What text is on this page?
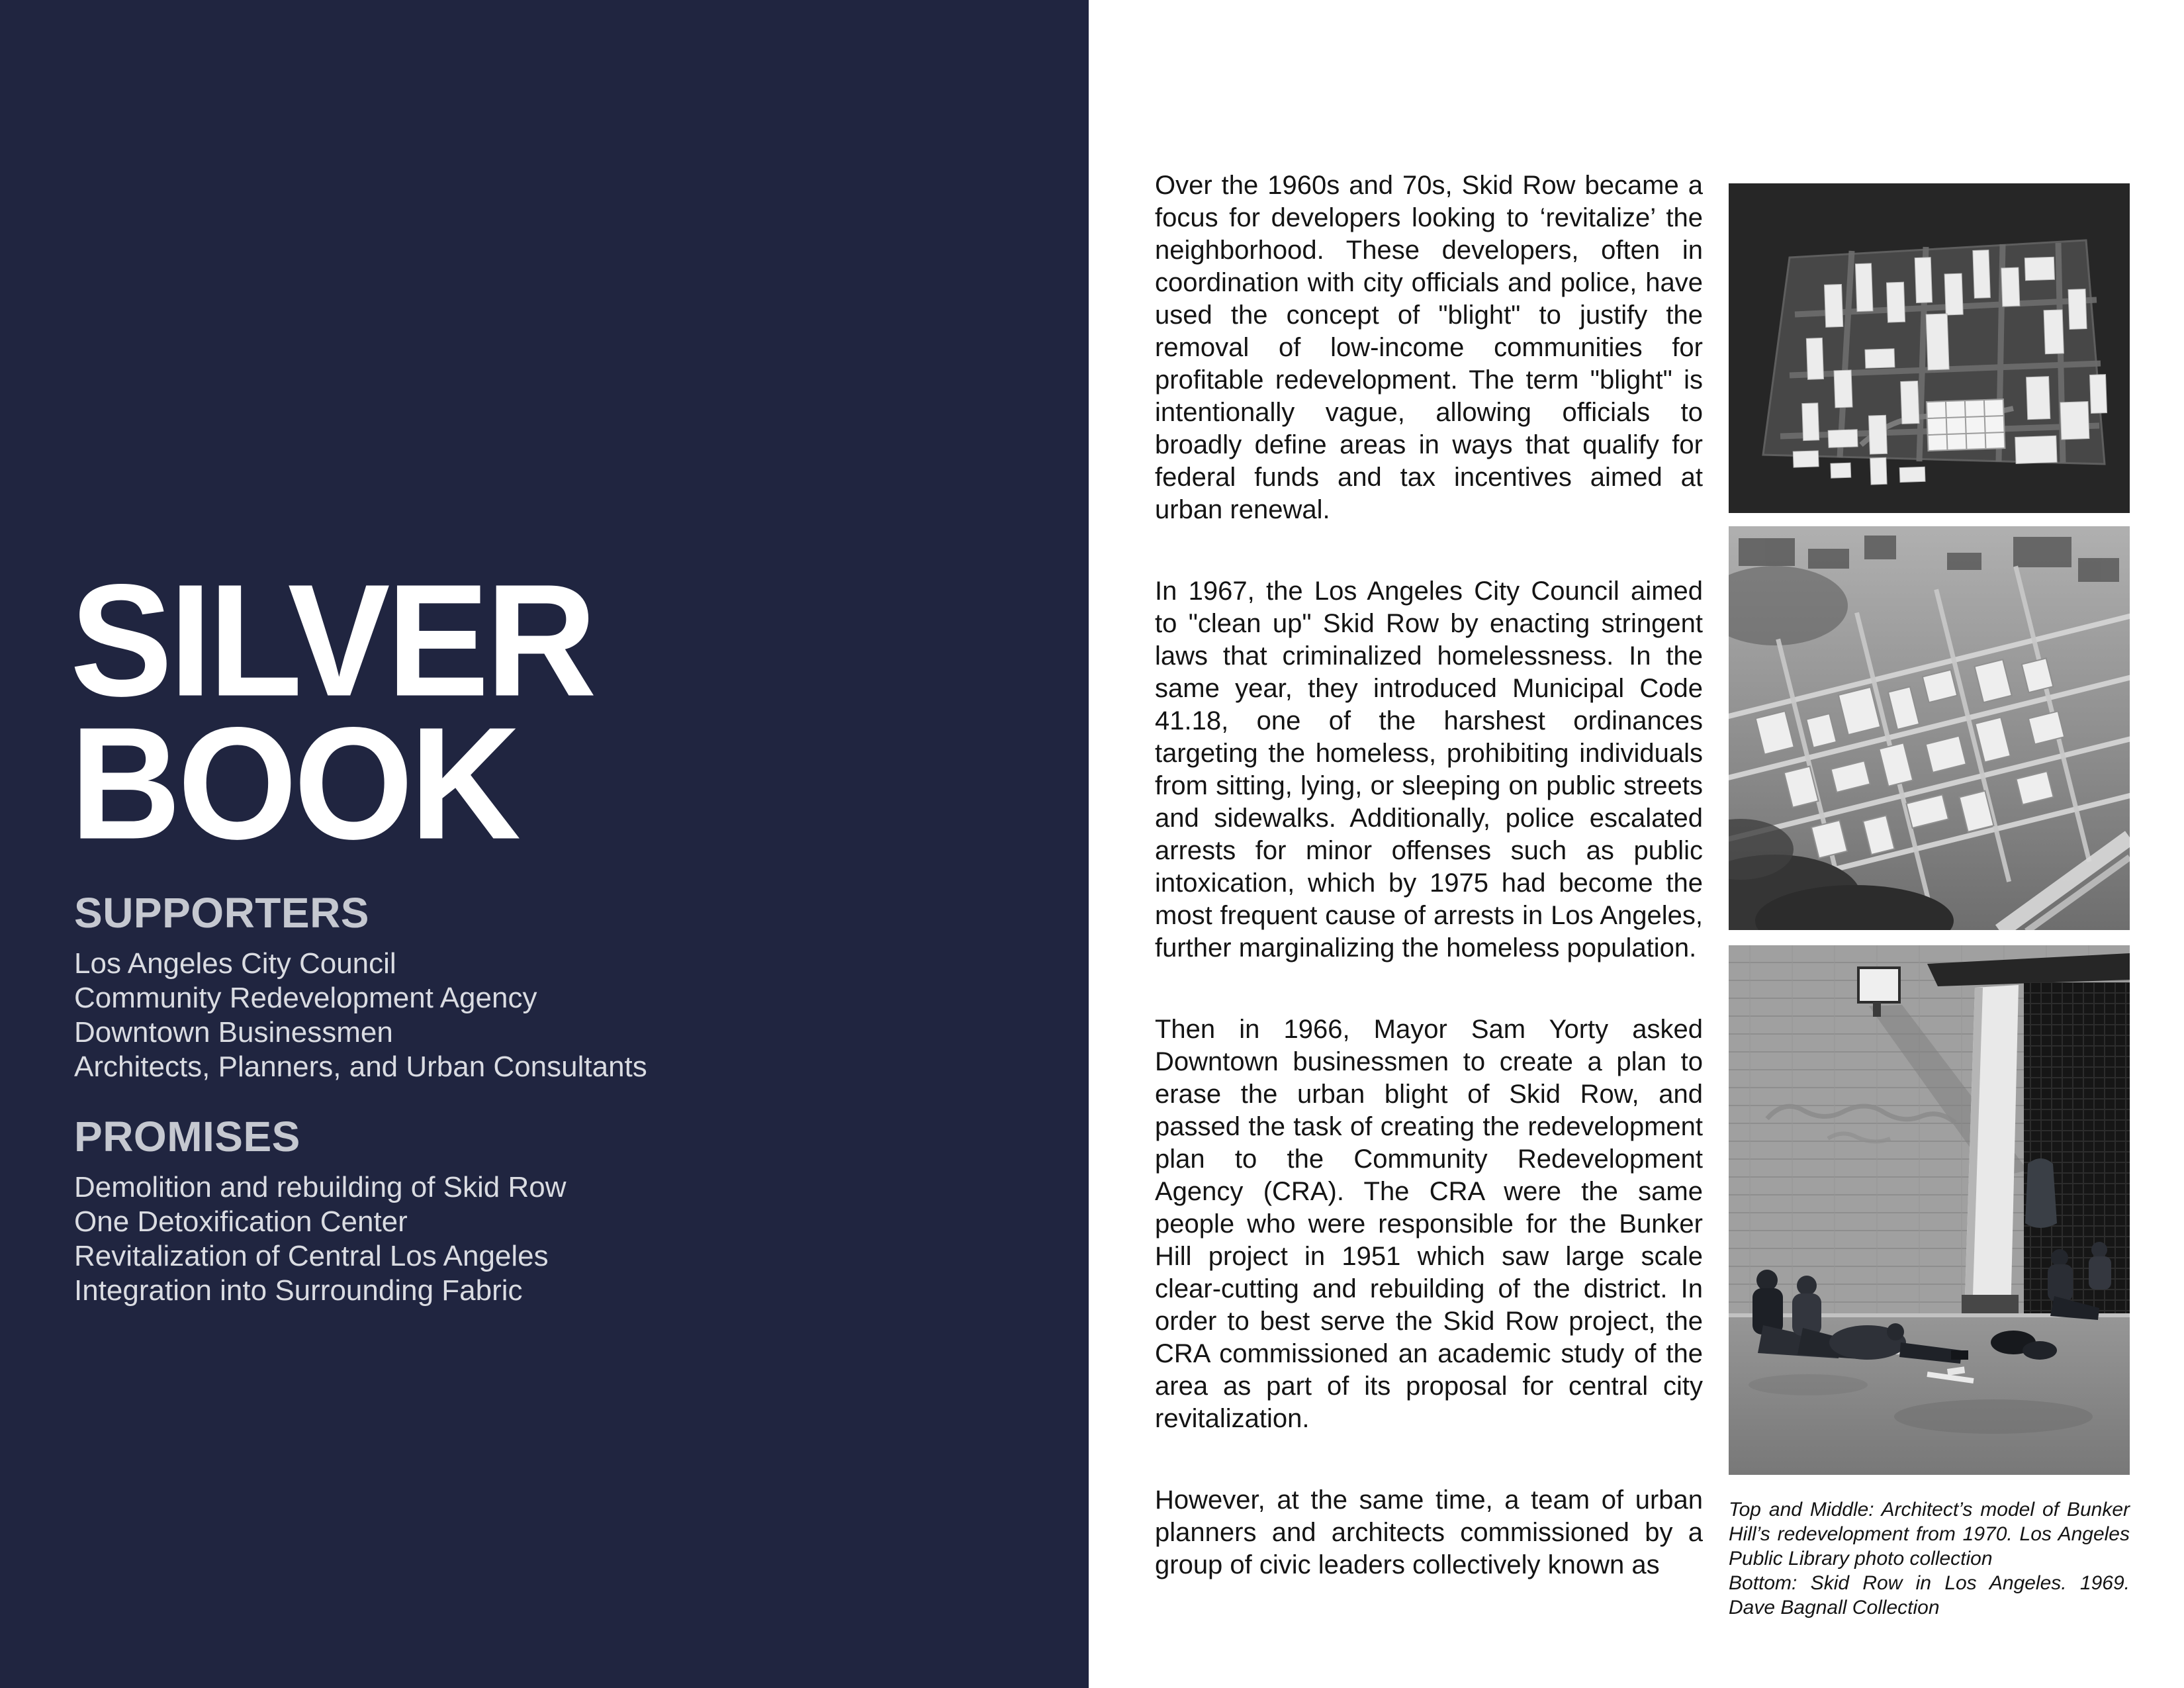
SILVER
BOOK
SUPPORTERS
Los Angeles City Council
Community Redevelopment Agency
Downtown Businessmen
Architects, Planners, and Urban Consultants
PROMISES
Demolition and rebuilding of Skid Row
One Detoxification Center
Revitalization of Central Los Angeles
Integration into Surrounding Fabric

Over the 1960s and 70s, Skid Row became a focus for developers looking to ‘revitalize’ the neighborhood. These developers, often in coordination with city officials and police, have used the concept of "blight" to justify the removal of low-income communities for profitable redevelopment. The term "blight" is intentionally vague, allowing officials to broadly define areas in ways that qualify for federal funds and tax incentives aimed at urban renewal.

In 1967, the Los Angeles City Council aimed to "clean up" Skid Row by enacting stringent laws that criminalized homelessness. In the same year, they introduced Municipal Code 41.18, one of the harshest ordinances targeting the homeless, prohibiting individuals from sitting, lying, or sleeping on public streets and sidewalks. Additionally, police escalated arrests for minor offenses such as public intoxication, which by 1975 had become the most frequent cause of arrests in Los Angeles, further marginalizing the homeless population.

Then in 1966, Mayor Sam Yorty asked Downtown businessmen to create a plan to erase the urban blight of Skid Row, and passed the task of creating the redevelopment plan to the Community Redevelopment Agency (CRA). The CRA were the same people who were responsible for the Bunker Hill project in 1951 which saw large scale clear-cutting and rebuilding of the district. In order to best serve the Skid Row project, the CRA commissioned an academic study of the area as part of its proposal for central city revitalization.

However, at the same time, a team of urban planners and architects commissioned by a group of civic leaders collectively known as

Top and Middle: Architect’s model of Bunker Hill’s redevelopment from 1970. Los Angeles Public Library photo collection
Bottom: Skid Row in Los Angeles. 1969. Dave Bagnall Collection
